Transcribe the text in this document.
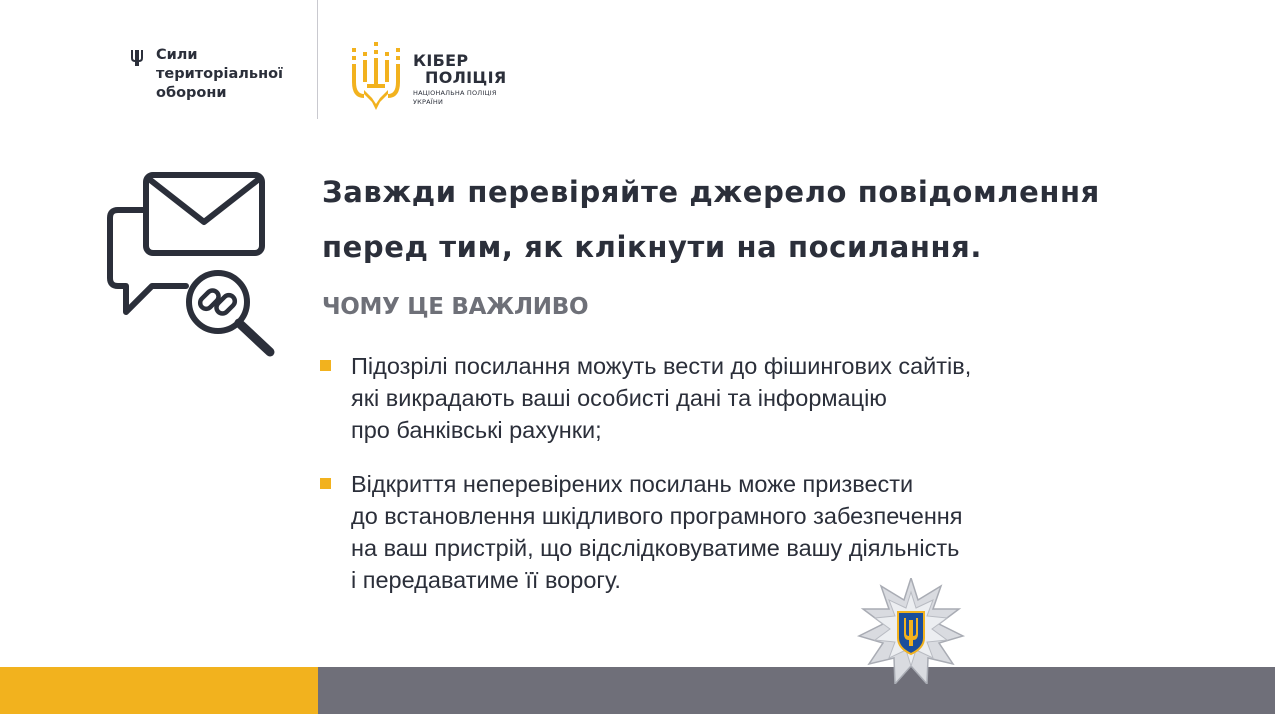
Сили
територіальної
оборони
КІБЕР
ПОЛІЦІЯ
НАЦІОНАЛЬНА ПОЛІЦІЯ
УКРАЇНИ
Завжди перевіряйте джерело повідомлення
перед тим, як клікнути на посилання.
ЧОМУ ЦЕ ВАЖЛИВО
Підозрілі посилання можуть вести до фішингових сайтів,
які викрадають ваші особисті дані та інформацію
про банківські рахунки;
Відкриття неперевірених посилань може призвести
до встановлення шкідливого програмного забезпечення
на ваш пристрій, що відслідковуватиме вашу діяльність
і передаватиме її ворогу.
НАЦІОНАЛЬНА ПОЛІЦІЯ
УКРАЇНИ
